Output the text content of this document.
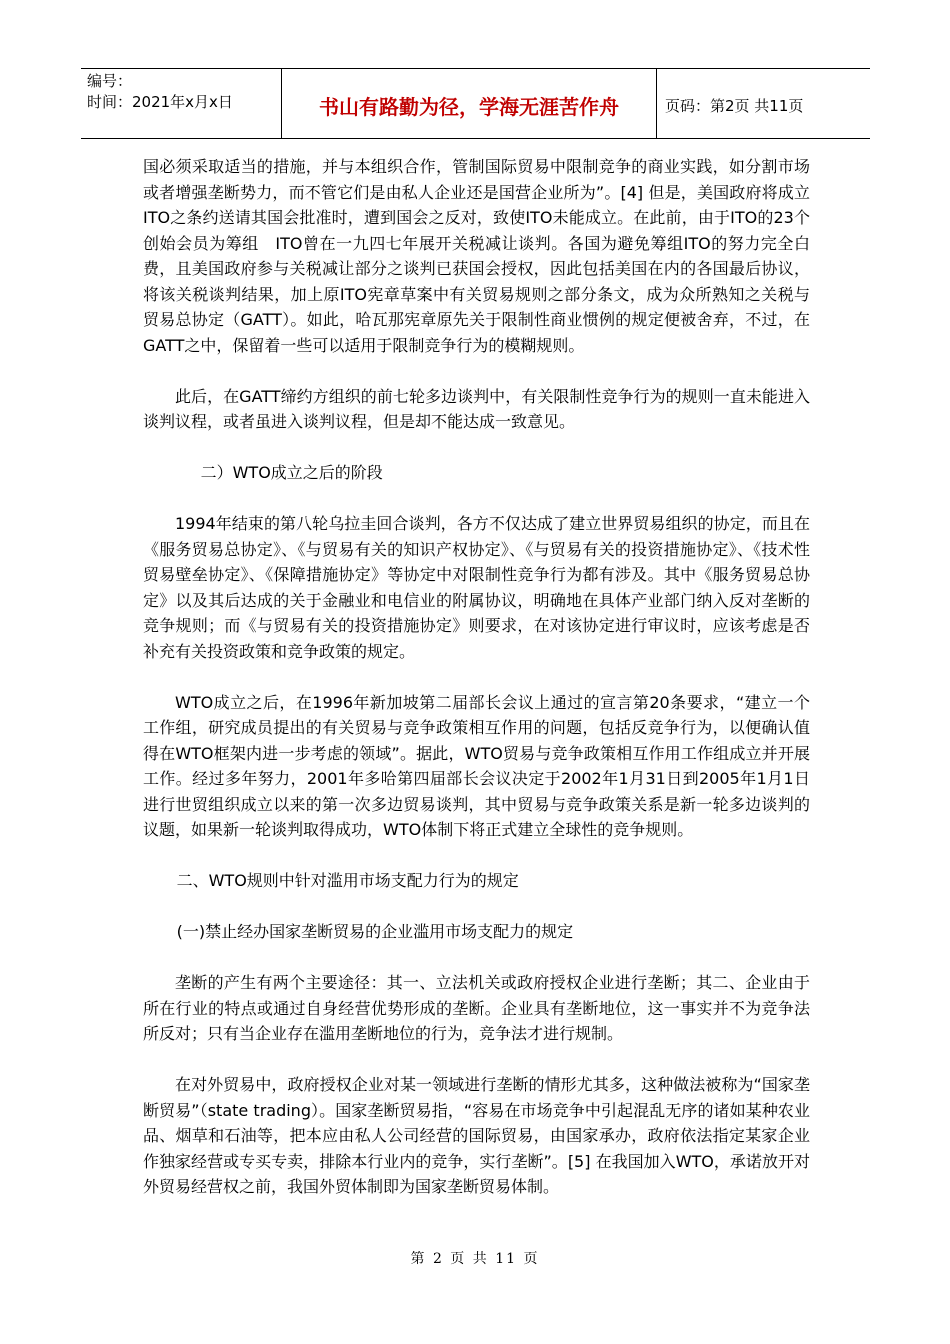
编号：
时间：2021年x月x日	书山有路勤为径，学海无涯苦作舟	页码：第2页 共11页

国必须采取适当的措施，并与本组织合作，管制国际贸易中限制竞争的商业实践，如分割市场或者增强垄断势力，而不管它们是由私人企业还是国营企业所为”。[4] 但是，美国政府将成立ITO之条约送请其国会批准时，遭到国会之反对，致使ITO未能成立。在此前，由于ITO的23个创始会员为筹组　ITO曾在一九四七年展开关税减让谈判。各国为避免筹组ITO的努力完全白费，且美国政府参与关税减让部分之谈判已获国会授权，因此包括美国在内的各国最后协议，将该关税谈判结果，加上原ITO宪章草案中有关贸易规则之部分条文，成为众所熟知之关税与贸易总协定（GATT）。如此，哈瓦那宪章原先关于限制性商业惯例的规定便被舍弃，不过，在GATT之中，保留着一些可以适用于限制竞争行为的模糊规则。

此后，在GATT缔约方组织的前七轮多边谈判中，有关限制性竞争行为的规则一直未能进入谈判议程，或者虽进入谈判议程，但是却不能达成一致意见。

二）WTO成立之后的阶段

1994年结束的第八轮乌拉圭回合谈判，各方不仅达成了建立世界贸易组织的协定，而且在《服务贸易总协定》、《与贸易有关的知识产权协定》、《与贸易有关的投资措施协定》、《技术性贸易壁垒协定》、《保障措施协定》等协定中对限制性竞争行为都有涉及。其中《服务贸易总协定》以及其后达成的关于金融业和电信业的附属协议，明确地在具体产业部门纳入反对垄断的竞争规则；而《与贸易有关的投资措施协定》则要求，在对该协定进行审议时，应该考虑是否补充有关投资政策和竞争政策的规定。

WTO成立之后，在1996年新加坡第二届部长会议上通过的宣言第20条要求，“建立一个工作组，研究成员提出的有关贸易与竞争政策相互作用的问题，包括反竞争行为，以便确认值得在WTO框架内进一步考虑的领域”。据此，WTO贸易与竞争政策相互作用工作组成立并开展工作。经过多年努力，2001年多哈第四届部长会议决定于2002年1月31日到2005年1月1日进行世贸组织成立以来的第一次多边贸易谈判，其中贸易与竞争政策关系是新一轮多边谈判的议题，如果新一轮谈判取得成功，WTO体制下将正式建立全球性的竞争规则。

二、WTO规则中针对滥用市场支配力行为的规定

(一)禁止经办国家垄断贸易的企业滥用市场支配力的规定

垄断的产生有两个主要途径：其一、立法机关或政府授权企业进行垄断；其二、企业由于所在行业的特点或通过自身经营优势形成的垄断。企业具有垄断地位，这一事实并不为竞争法所反对；只有当企业存在滥用垄断地位的行为，竞争法才进行规制。

在对外贸易中，政府授权企业对某一领域进行垄断的情形尤其多，这种做法被称为“国家垄断贸易”（state trading）。国家垄断贸易指，“容易在市场竞争中引起混乱无序的诸如某种农业品、烟草和石油等，把本应由私人公司经营的国际贸易，由国家承办，政府依法指定某家企业作独家经营或专买专卖，排除本行业内的竞争，实行垄断”。[5] 在我国加入WTO，承诺放开对外贸易经营权之前，我国外贸体制即为国家垄断贸易体制。

第 2 页 共 11 页
